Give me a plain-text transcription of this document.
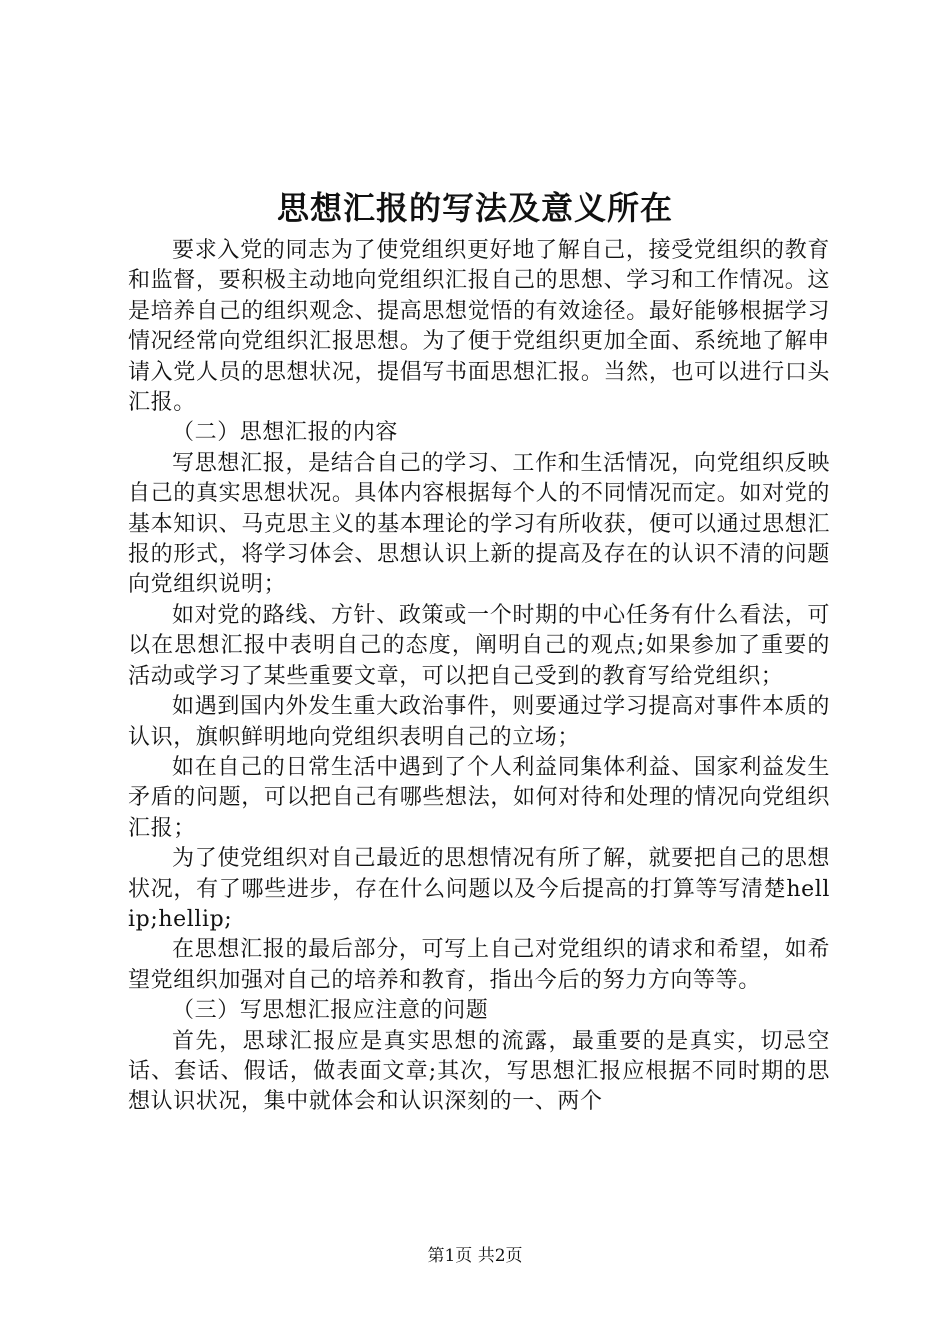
思想汇报的写法及意义所在

要求入党的同志为了使党组织更好地了解自己，接受党组织的教育和监督，要积极主动地向党组织汇报自己的思想、学习和工作情况。这是培养自己的组织观念、提高思想觉悟的有效途径。最好能够根据学习情况经常向党组织汇报思想。为了便于党组织更加全面、系统地了解申请入党人员的思想状况，提倡写书面思想汇报。当然，也可以进行口头汇报。

（二）思想汇报的内容

写思想汇报，是结合自己的学习、工作和生活情况，向党组织反映自己的真实思想状况。具体内容根据每个人的不同情况而定。如对党的基本知识、马克思主义的基本理论的学习有所收获，便可以通过思想汇报的形式，将学习体会、思想认识上新的提高及存在的认识不清的问题向党组织说明；

如对党的路线、方针、政策或一个时期的中心任务有什么看法，可以在思想汇报中表明自己的态度，阐明自己的观点;如果参加了重要的活动或学习了某些重要文章，可以把自己受到的教育写给党组织；

如遇到国内外发生重大政治事件，则要通过学习提高对事件本质的认识，旗帜鲜明地向党组织表明自己的立场；

如在自己的日常生活中遇到了个人利益同集体利益、国家利益发生矛盾的问题，可以把自己有哪些想法，如何对待和处理的情况向党组织汇报；

为了使党组织对自己最近的思想情况有所了解，就要把自己的思想状况，有了哪些进步，存在什么问题以及今后提高的打算等写清楚hellip;hellip;

在思想汇报的最后部分，可写上自己对党组织的请求和希望，如希望党组织加强对自己的培养和教育，指出今后的努力方向等等。

（三）写思想汇报应注意的问题

首先，思球汇报应是真实思想的流露，最重要的是真实，切忌空话、套话、假话，做表面文章;其次，写思想汇报应根据不同时期的思想认识状况，集中就体会和认识深刻的一、两个

第1页 共2页
